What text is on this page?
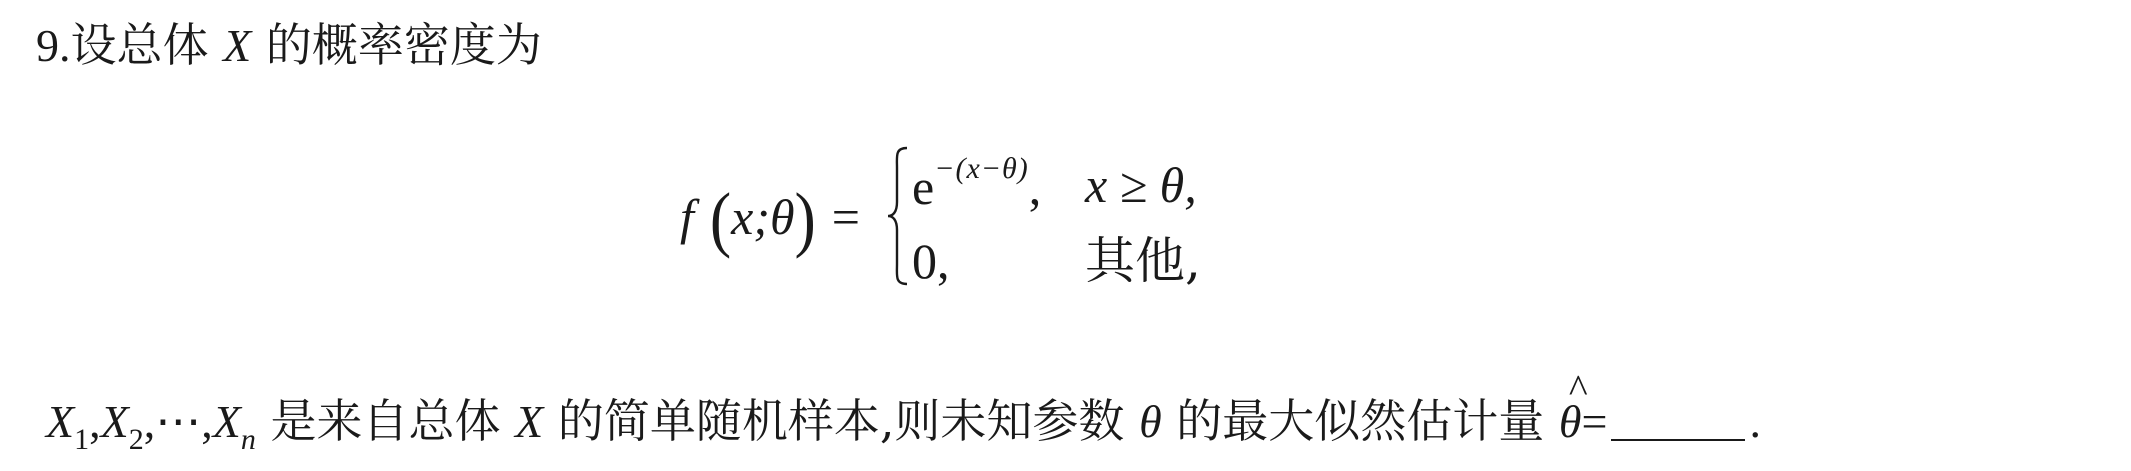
9.设总体 X 的概率密度为
f (x;θ) =
$e^{-(x-\theta)}$, x ≥ θ,
0,	其他,
$X_1,X_2,\cdots,X_n$ 是来自总体 X 的简单随机样本,则未知参数 θ 的最大似然估计量 ^ θ=	.
